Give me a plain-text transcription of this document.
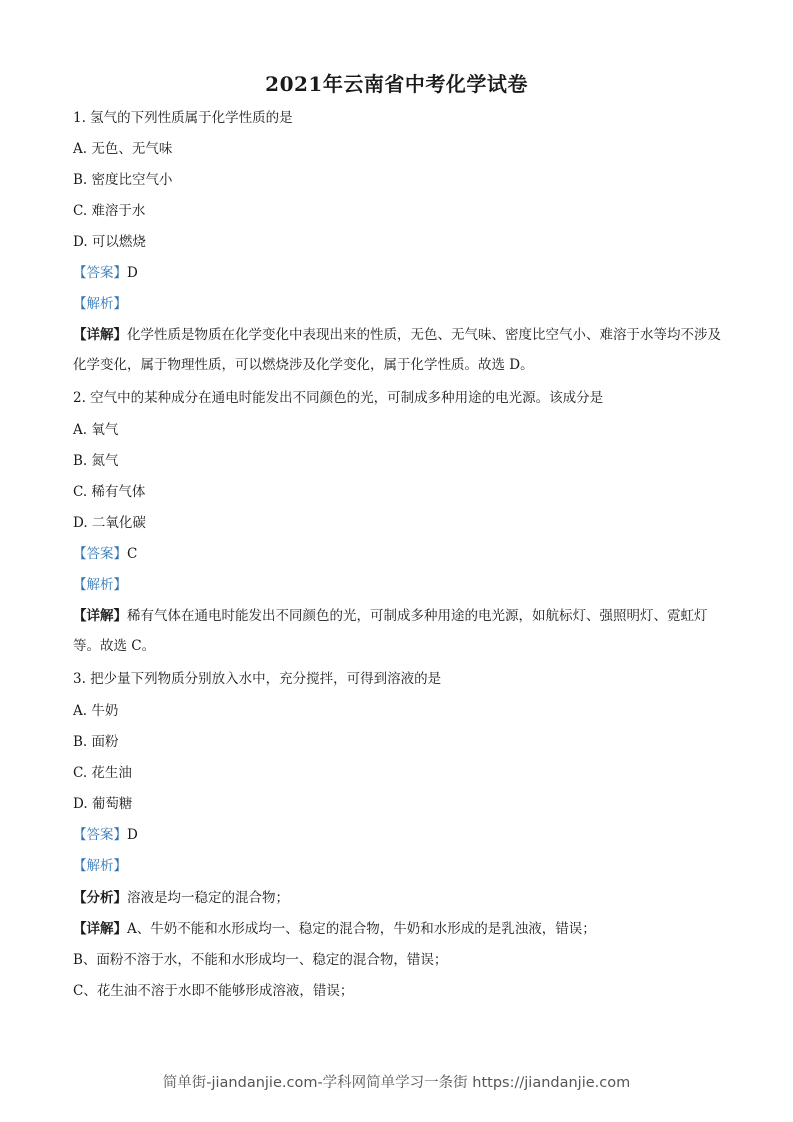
2021年云南省中考化学试卷
1. 氢气的下列性质属于化学性质的是
A. 无色、无气味
B. 密度比空气小
C. 难溶于水
D. 可以燃烧
【答案】D
【解析】
【详解】化学性质是物质在化学变化中表现出来的性质，无色、无气味、密度比空气小、难溶于水等均不涉及化学变化，属于物理性质，可以燃烧涉及化学变化，属于化学性质。故选 D。
2. 空气中的某种成分在通电时能发出不同颜色的光，可制成多种用途的电光源。该成分是
A. 氧气
B. 氮气
C. 稀有气体
D. 二氧化碳
【答案】C
【解析】
【详解】稀有气体在通电时能发出不同颜色的光，可制成多种用途的电光源，如航标灯、强照明灯、霓虹灯等。故选 C。
3. 把少量下列物质分别放入水中，充分搅拌，可得到溶液的是
A. 牛奶
B. 面粉
C. 花生油
D. 葡萄糖
【答案】D
【解析】
【分析】溶液是均一稳定的混合物；
【详解】A、牛奶不能和水形成均一、稳定的混合物，牛奶和水形成的是乳浊液，错误；
B、面粉不溶于水，不能和水形成均一、稳定的混合物，错误；
C、花生油不溶于水即不能够形成溶液，错误；
简单街-jiandanjie.com-学科网简单学习一条街 https://jiandanjie.com
